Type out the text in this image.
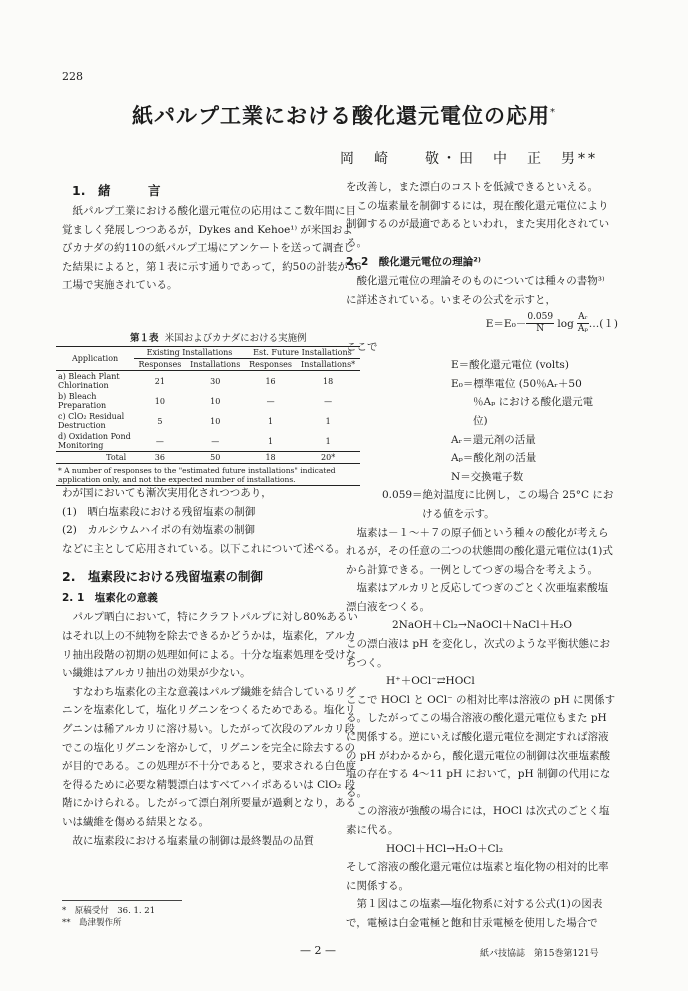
228
紙パルプ工業における酸化還元電位の応用*
岡　崎　　敬・田　中　正　男**
1.　緒　　　言

紙パルプ工業における酸化還元電位の応用はここ数年間に目覚ましく発展しつつあるが，Dykes and Kehoe¹⁾ が米国およびカナダの約110の紙パルプ工場にアンケートを送って調査した結果によると，第１表に示す通りであって，約50の計装が36工場で実施されている。

第１表 米国およびカナダにおける実施例
Application	Existing Installations		Est. Future Installations	
	Responses	Installations	Responses	Installations*
a) Bleach Plant Chlorination	21	30	16	18
b) Bleach Preparation	10	10	—	—
c) ClO₂ Residual Destruction	5	10	1	1
d) Oxidation Pond Monitoring	—	—	1	1
Total	36	50	18	20*
* A number of responses to the "estimated future installations" indicated application only, and not the expected number of installations.				

わが国においても漸次実用化されつつあり，

(1)　晒白塩素段における残留塩素の制御

(2)　カルシウムハイポの有効塩素の制御

などに主として応用されている。以下これについて述べる。

2.　塩素段における残留塩素の制御
2. 1　塩素化の意義

パルプ晒白において，特にクラフトパルプに対し80%あるいはそれ以上の不純物を除去できるかどうかは，塩素化，アルカリ抽出段階の初期の処理如何による。十分な塩素処理を受けない繊維はアルカリ抽出の効果が少ない。

すなわち塩素化の主な意義はパルプ繊維を結合しているリグニンを塩素化して，塩化リグニンをつくるためである。塩化リグニンは稀アルカリに溶け易い。したがって次段のアルカリ段でこの塩化リグニンを溶かして，リグニンを完全に除去するのが目的である。この処理が不十分であると，要求される白色度を得るために必要な精製漂白はすべてハイポあるいは ClO₂ 段階にかけられる。したがって漂白剤所要量が過剰となり，あるいは繊維を傷める結果となる。

故に塩素段における塩素量の制御は最終製品の品質

*　原稿受付　36. 1. 21
**　島津製作所

を改善し，また漂白のコストを低減できるといえる。

この塩素量を制御するには，現在酸化還元電位により制御するのが最適であるといわれ，また実用化されている。

2. 2　酸化還元電位の理論²⁾

酸化還元電位の理論そのものについては種々の書物³⁾ に詳述されている。いまその公式を示すと，

$E=E_0- \frac{0.059}{N}$ $\log \frac{\text{Aᵣ}}{\text{Aₚ}}$ …(１)

ここで

E＝酸化還元電位 (volts)

E₀＝標準電位 (50％Aᵣ＋50

％Aₚ における酸化還元電

位)

Aᵣ＝還元剤の活量

Aₚ＝酸化剤の活量

N＝交換電子数

0.059＝絶対温度に比例し，この場合 25°C にお

ける値を示す。

塩素は－１～＋７の原子価という種々の酸化が考えられるが，その任意の二つの状態間の酸化還元電位は(1)式から計算できる。一例としてつぎの場合を考えよう。

塩素はアルカリと反応してつぎのごとく次亜塩素酸塩漂白液をつくる。

2NaOH＋Cl₂→NaOCl＋NaCl＋H₂O

この漂白液は pH を変化し，次式のような平衡状態におちつく。

H⁺＋OCl⁻⇄HOCl

ここで HOCl と OCl⁻ の相対比率は溶液の pH に関係する。したがってこの場合溶液の酸化還元電位もまた pH に関係する。逆にいえば酸化還元電位を測定すれば溶液の pH がわかるから，酸化還元電位の制御は次亜塩素酸塩の存在する 4～11 pH において，pH 制御の代用になる。

この溶液が強酸の場合には，HOCl は次式のごとく塩素に代る。

HOCl＋HCl→H₂O＋Cl₂

そして溶液の酸化還元電位は塩素と塩化物の相対的比率に関係する。

第１図はこの塩素―塩化物系に対する公式(1)の図表で，電極は白金電極と飽和甘汞電極を使用した場合で

— 2 —	紙パ技協誌　第15巻第121号
